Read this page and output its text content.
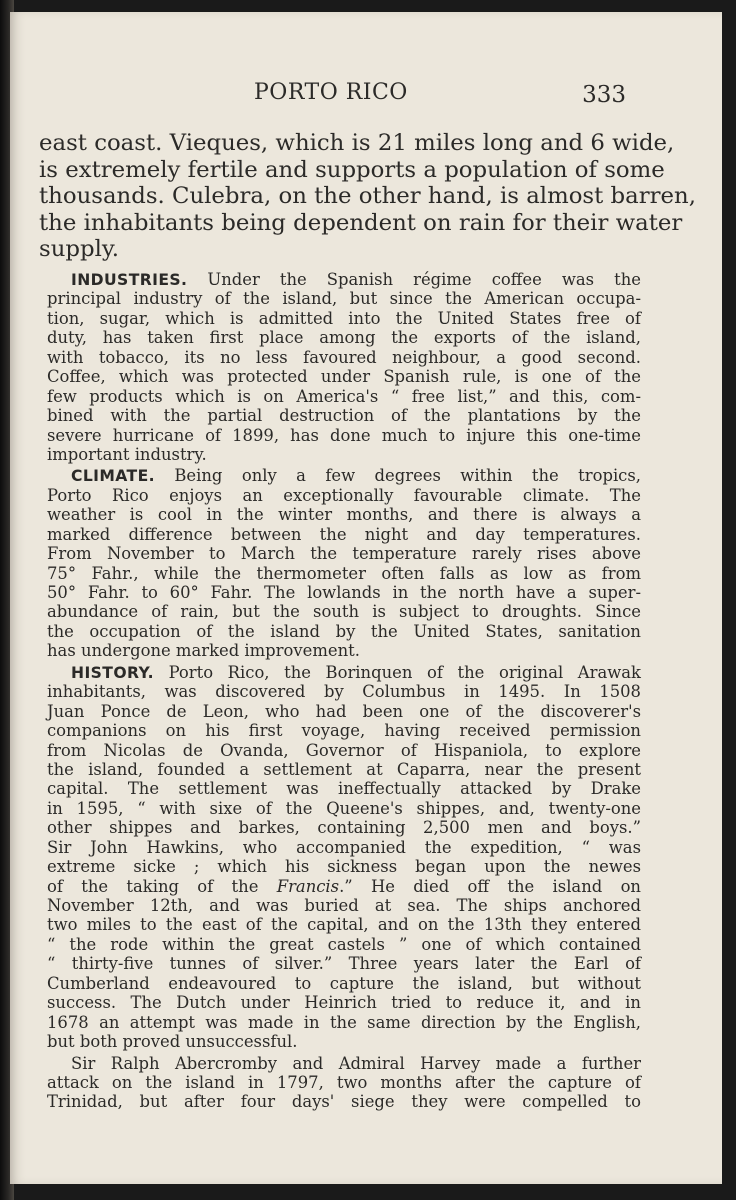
PORTO RICO	333
east coast. Vieques, which is 21 miles long and 6 wide,
is extremely fertile and supports a population of some
thousands. Culebra, on the other hand, is almost barren,
the inhabitants being dependent on rain for their water
supply.
INDUSTRIES. Under the Spanish régime coffee was the
principal industry of the island, but since the American occupa-
tion, sugar, which is admitted into the United States free of
duty, has taken first place among the exports of the island,
with tobacco, its no less favoured neighbour, a good second.
Coffee, which was protected under Spanish rule, is one of the
few products which is on America's “ free list,” and this, com-
bined with the partial destruction of the plantations by the
severe hurricane of 1899, has done much to injure this one-time
important industry.
CLIMATE. Being only a few degrees within the tropics,
Porto Rico enjoys an exceptionally favourable climate. The
weather is cool in the winter months, and there is always a
marked difference between the night and day temperatures.
From November to March the temperature rarely rises above
75° Fahr., while the thermometer often falls as low as from
50° Fahr. to 60° Fahr. The lowlands in the north have a super-
abundance of rain, but the south is subject to droughts. Since
the occupation of the island by the United States, sanitation
has undergone marked improvement.
HISTORY. Porto Rico, the Borinquen of the original Arawak
inhabitants, was discovered by Columbus in 1495. In 1508
Juan Ponce de Leon, who had been one of the discoverer's
companions on his first voyage, having received permission
from Nicolas de Ovanda, Governor of Hispaniola, to explore
the island, founded a settlement at Caparra, near the present
capital. The settlement was ineffectually attacked by Drake
in 1595, “ with sixe of the Queene's shippes, and, twenty-one
other shippes and barkes, containing 2,500 men and boys.”
Sir John Hawkins, who accompanied the expedition, “ was
extreme sicke ; which his sickness began upon the newes
of the taking of the Francis.” He died off the island on
November 12th, and was buried at sea. The ships anchored
two miles to the east of the capital, and on the 13th they entered
“ the rode within the great castels ” one of which contained
“ thirty-five tunnes of silver.” Three years later the Earl of
Cumberland endeavoured to capture the island, but without
success. The Dutch under Heinrich tried to reduce it, and in
1678 an attempt was made in the same direction by the English,
but both proved unsuccessful.
Sir Ralph Abercromby and Admiral Harvey made a further
attack on the island in 1797, two months after the capture of
Trinidad, but after four days' siege they were compelled to
